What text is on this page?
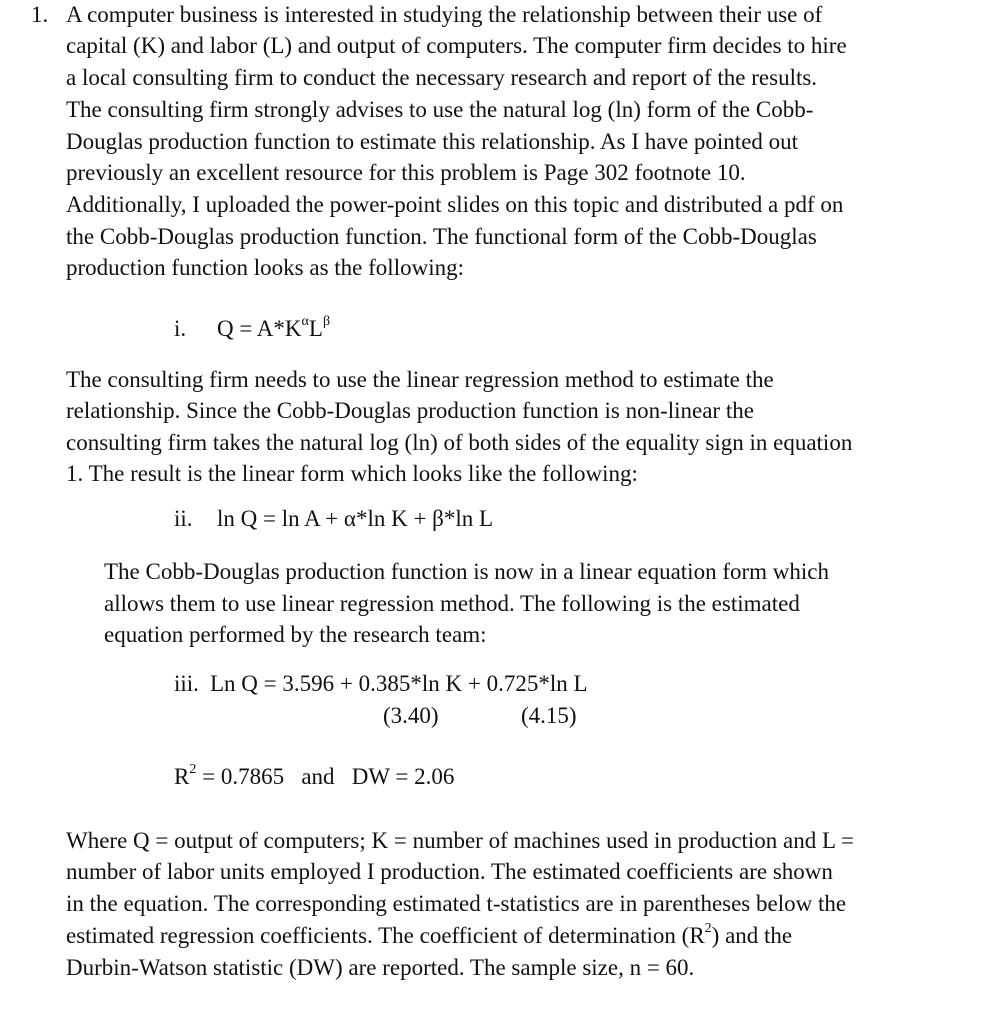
1. A computer business is interested in studying the relationship between their use of
capital (K) and labor (L) and output of computers. The computer firm decides to hire
a local consulting firm to conduct the necessary research and report of the results.
The consulting firm strongly advises to use the natural log (ln) form of the Cobb-
Douglas production function to estimate this relationship. As I have pointed out
previously an excellent resource for this problem is Page 302 footnote 10.
Additionally, I uploaded the power-point slides on this topic and distributed a pdf on
the Cobb-Douglas production function. The functional form of the Cobb-Douglas
production function looks as the following:
i. $Q = A*K^\alpha L^\beta$
The consulting firm needs to use the linear regression method to estimate the
relationship. Since the Cobb-Douglas production function is non-linear the
consulting firm takes the natural log (ln) of both sides of the equality sign in equation
1. The result is the linear form which looks like the following:
ii. ln Q = ln A + α*ln K + β*ln L
The Cobb-Douglas production function is now in a linear equation form which
allows them to use linear regression method. The following is the estimated
equation performed by the research team:
iii. Ln Q = 3.596 + 0.385*ln K + 0.725*ln L
(3.40)	(4.15)
$R^2 = 0.7865$   and   DW = 2.06
Where Q = output of computers; K = number of machines used in production and L =
number of labor units employed I production. The estimated coefficients are shown
in the equation. The corresponding estimated t-statistics are in parentheses below the
estimated regression coefficients. The coefficient of determination $(R^2)$ and the
Durbin-Watson statistic (DW) are reported. The sample size, n = 60.
